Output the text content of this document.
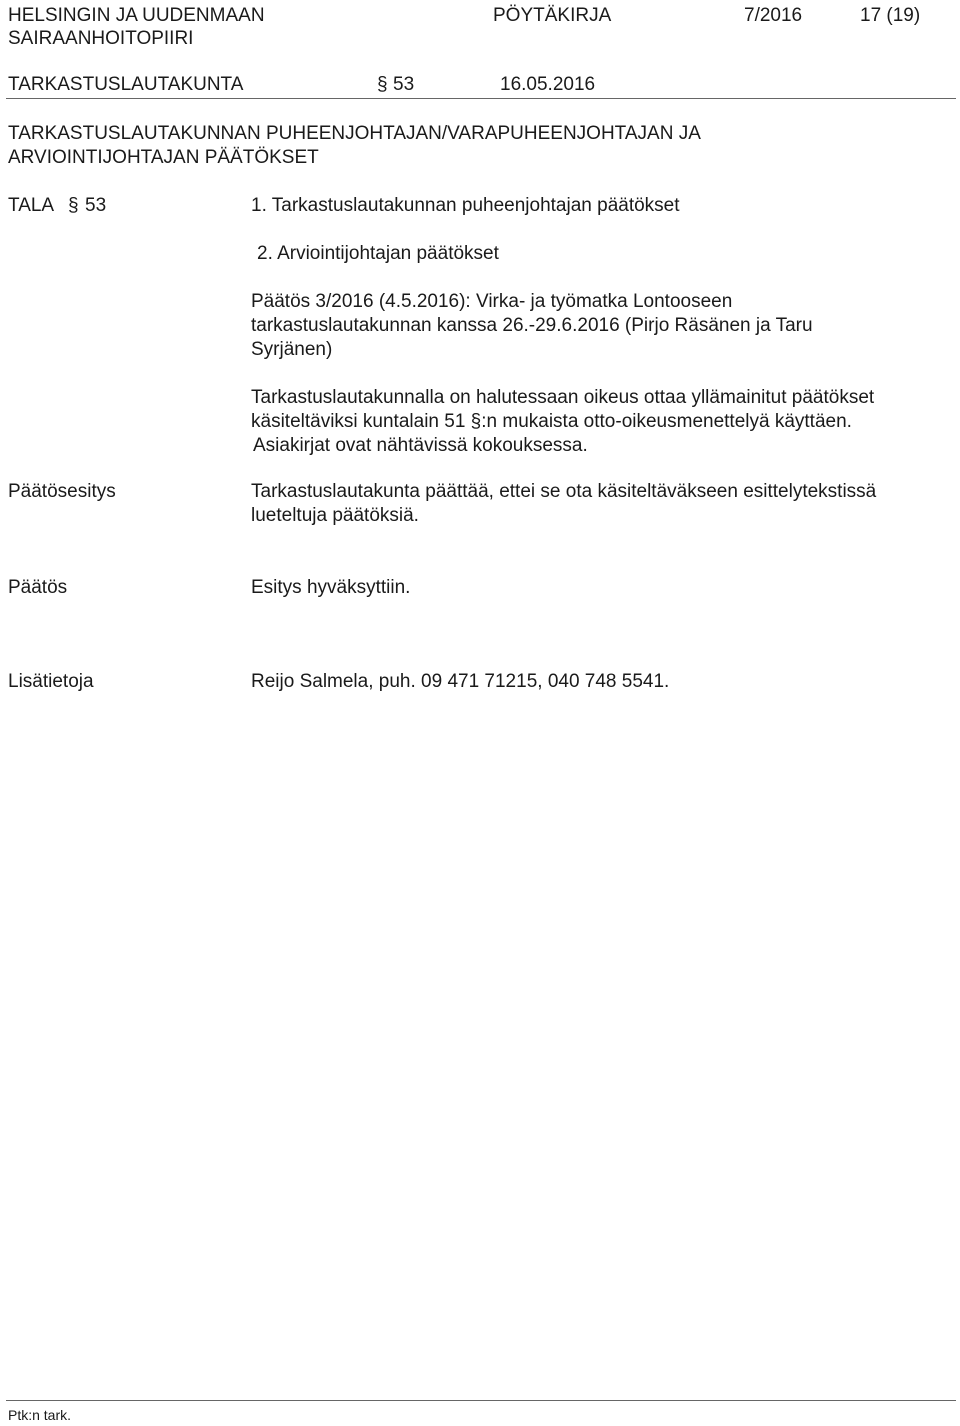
HELSINGIN JA UUDENMAAN
SAIRAANHOITOPIIRI
PÖYTÄKIRJA	7/2016	17 (19)
TARKASTUSLAUTAKUNTA	§ 53	16.05.2016
TARKASTUSLAUTAKUNNAN PUHEENJOHTAJAN/VARAPUHEENJOHTAJAN JA
ARVIOINTIJOHTAJAN PÄÄTÖKSET
TALA § 53	1. Tarkastuslautakunnan puheenjohtajan päätökset
2. Arviointijohtajan päätökset
Päätös 3/2016 (4.5.2016): Virka- ja työmatka Lontooseen
tarkastuslautakunnan kanssa 26.-29.6.2016 (Pirjo Räsänen ja Taru
Syrjänen)
Tarkastuslautakunnalla on halutessaan oikeus ottaa yllämainitut päätökset
käsiteltäviksi kuntalain 51 §:n mukaista otto-oikeusmenettelyä käyttäen.
Asiakirjat ovat nähtävissä kokouksessa.
Päätösesitys	Tarkastuslautakunta päättää, ettei se ota käsiteltäväkseen esittelytekstissä
lueteltuja päätöksiä.
Päätös	Esitys hyväksyttiin.
Lisätietoja	Reijo Salmela, puh. 09 471 71215, 040 748 5541.
Ptk:n tark.
